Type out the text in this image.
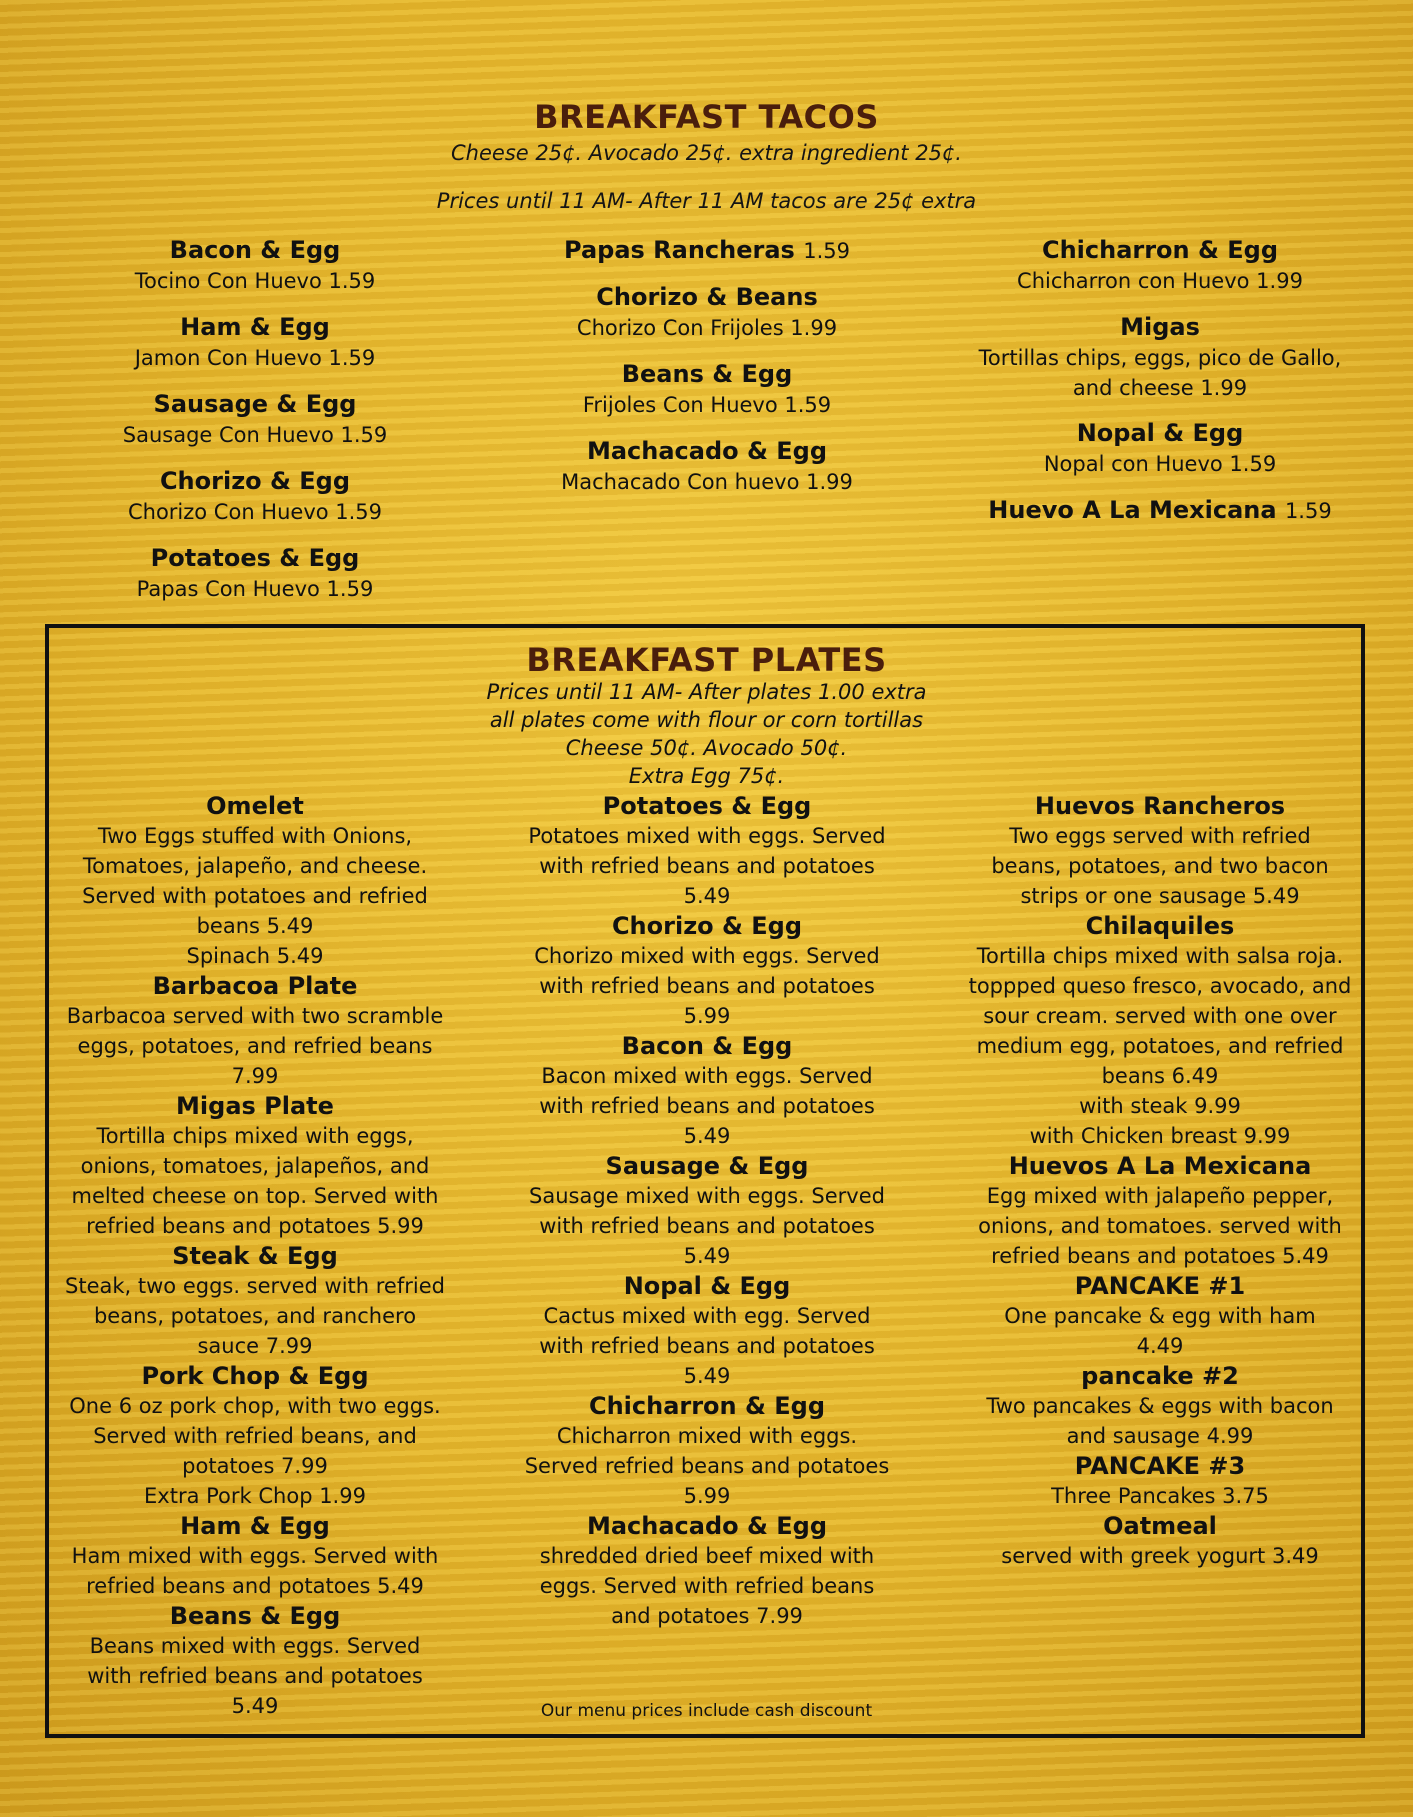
BREAKFAST TACOS
Cheese 25¢. Avocado 25¢. extra ingredient 25¢.
Prices until 11 AM- After 11 AM tacos are 25¢ extra
Bacon & Egg
Tocino Con Huevo 1.59
Ham & Egg
Jamon Con Huevo 1.59
Sausage & Egg
Sausage Con Huevo 1.59
Chorizo & Egg
Chorizo Con Huevo 1.59
Potatoes & Egg
Papas Con Huevo 1.59
Papas Rancheras 1.59
Chorizo & Beans
Chorizo Con Frijoles 1.99
Beans & Egg
Frijoles Con Huevo 1.59
Machacado & Egg
Machacado Con huevo 1.99
Chicharron & Egg
Chicharron con Huevo 1.99
Migas
Tortillas chips, eggs, pico de Gallo,
and cheese 1.99
Nopal & Egg
Nopal con Huevo 1.59
Huevo A La Mexicana 1.59
BREAKFAST PLATES
Prices until 11 AM- After plates 1.00 extra
all plates come with flour or corn tortillas
Cheese 50¢. Avocado 50¢.
Extra Egg 75¢.
Omelet
Two Eggs stuffed with Onions,
Tomatoes, jalapeño, and cheese.
Served with potatoes and refried
beans 5.49
Spinach 5.49
Barbacoa Plate
Barbacoa served with two scramble
eggs, potatoes, and refried beans
7.99
Migas Plate
Tortilla chips mixed with eggs,
onions, tomatoes, jalapeños, and
melted cheese on top. Served with
refried beans and potatoes 5.99
Steak & Egg
Steak, two eggs. served with refried
beans, potatoes, and ranchero
sauce 7.99
Pork Chop & Egg
One 6 oz pork chop, with two eggs.
Served with refried beans, and
potatoes 7.99
Extra Pork Chop 1.99
Ham & Egg
Ham mixed with eggs. Served with
refried beans and potatoes 5.49
Beans & Egg
Beans mixed with eggs. Served
with refried beans and potatoes
5.49
Potatoes & Egg
Potatoes mixed with eggs. Served
with refried beans and potatoes
5.49
Chorizo & Egg
Chorizo mixed with eggs. Served
with refried beans and potatoes
5.99
Bacon & Egg
Bacon mixed with eggs. Served
with refried beans and potatoes
5.49
Sausage & Egg
Sausage mixed with eggs. Served
with refried beans and potatoes
5.49
Nopal & Egg
Cactus mixed with egg. Served
with refried beans and potatoes
5.49
Chicharron & Egg
Chicharron mixed with eggs.
Served refried beans and potatoes
5.99
Machacado & Egg
shredded dried beef mixed with
eggs. Served with refried beans
and potatoes 7.99
Huevos Rancheros
Two eggs served with refried
beans, potatoes, and two bacon
strips or one sausage 5.49
Chilaquiles
Tortilla chips mixed with salsa roja.
toppped queso fresco, avocado, and
sour cream. served with one over
medium egg, potatoes, and refried
beans 6.49
with steak 9.99
with Chicken breast 9.99
Huevos A La Mexicana
Egg mixed with jalapeño pepper,
onions, and tomatoes. served with
refried beans and potatoes 5.49
PANCAKE #1
One pancake & egg with ham
4.49
pancake #2
Two pancakes & eggs with bacon
and sausage 4.99
PANCAKE #3
Three Pancakes 3.75
Oatmeal
served with greek yogurt 3.49
Our menu prices include cash discount
